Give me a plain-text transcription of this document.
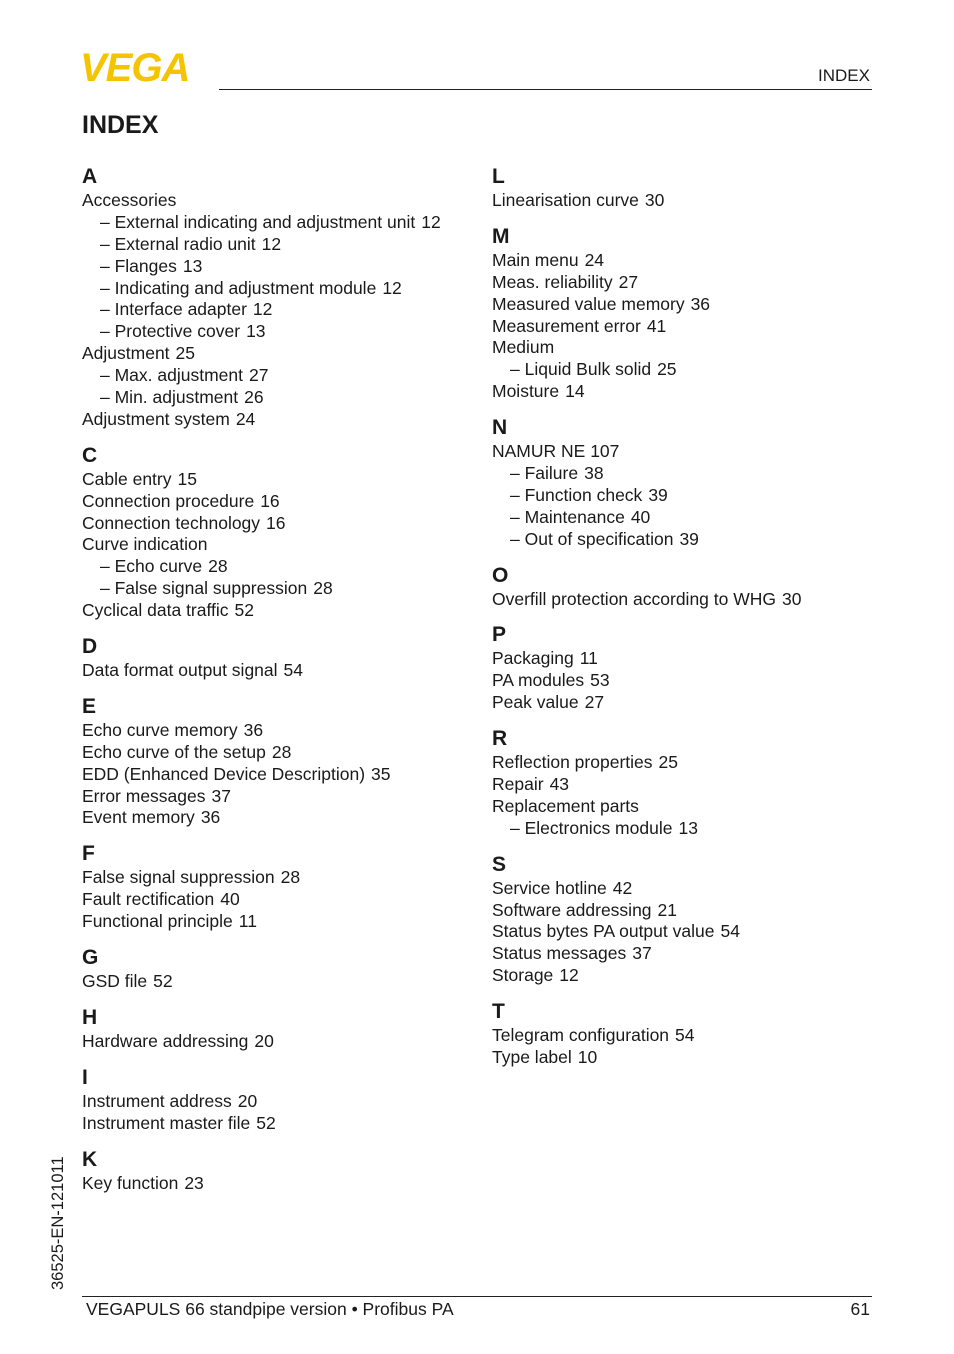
VEGA	INDEX
INDEX
A
Accessories
– External indicating and adjustment unit 12
– External radio unit 12
– Flanges 13
– Indicating and adjustment module 12
– Interface adapter 12
– Protective cover 13
Adjustment 25
– Max. adjustment 27
– Min. adjustment 26
Adjustment system 24
C
Cable entry 15
Connection procedure 16
Connection technology 16
Curve indication
– Echo curve 28
– False signal suppression 28
Cyclical data traffic 52
D
Data format output signal 54
E
Echo curve memory 36
Echo curve of the setup 28
EDD (Enhanced Device Description) 35
Error messages 37
Event memory 36
F
False signal suppression 28
Fault rectification 40
Functional principle 11
G
GSD file 52
H
Hardware addressing 20
I
Instrument address 20
Instrument master file 52
K
Key function 23
L
Linearisation curve 30
M
Main menu 24
Meas. reliability 27
Measured value memory 36
Measurement error 41
Medium
– Liquid Bulk solid 25
Moisture 14
N
NAMUR NE 107
– Failure 38
– Function check 39
– Maintenance 40
– Out of specification 39
O
Overfill protection according to WHG 30
P
Packaging 11
PA modules 53
Peak value 27
R
Reflection properties 25
Repair 43
Replacement parts
– Electronics module 13
S
Service hotline 42
Software addressing 21
Status bytes PA output value 54
Status messages 37
Storage 12
T
Telegram configuration 54
Type label 10
36525-EN-121011
VEGAPULS 66 standpipe version • Profibus PA	61
